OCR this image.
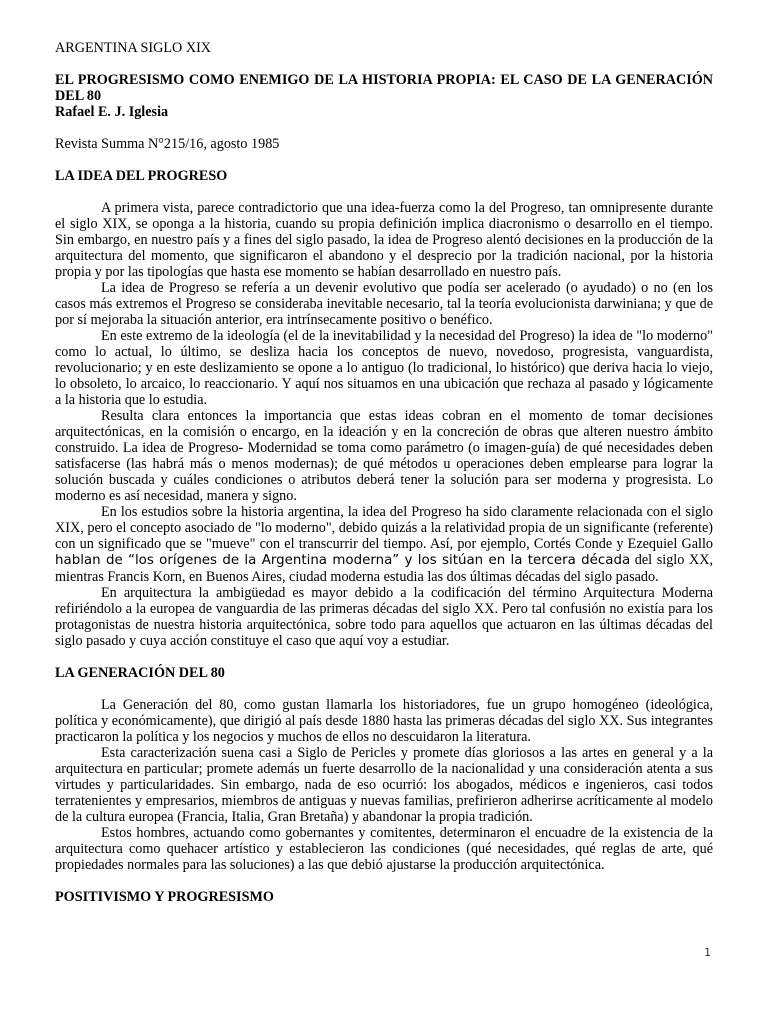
ARGENTINA SIGLO XIX
EL PROGRESISMO COMO ENEMIGO DE LA HISTORIA PROPIA: EL CASO DE LA GENERACIÓN DEL 80
Rafael E. J. Iglesia
Revista Summa N°215/16, agosto 1985
LA IDEA DEL PROGRESO

A primera vista, parece contradictorio que una idea-fuerza como la del Progreso, tan omnipresente durante el siglo XIX, se oponga a la historia, cuando su propia definición implica diacronismo o desarrollo en el tiempo. Sin embargo, en nuestro país y a fines del siglo pasado, la idea de Progreso alentó decisiones en la producción de la arquitectura del momento, que significaron el abandono y el desprecio por la tradición nacional, por la historia propia y por las tipologías que hasta ese momento se habían desarrollado en nuestro país.

La idea de Progreso se refería a un devenir evolutivo que podía ser acelerado (o ayudado) o no (en los casos más extremos el Progreso se consideraba inevitable necesario, tal la teoría evolucionista darwiniana; y que de por sí mejoraba la situación anterior, era intrínsecamente positivo o benéfico.

En este extremo de la ideología (el de la inevitabilidad y la necesidad del Progreso) la idea de "lo moderno" como lo actual, lo último, se desliza hacia los conceptos de nuevo, novedoso, progresista, vanguardista, revolucionario; y en este deslizamiento se opone a lo antiguo (lo tradicional, lo histórico) que deriva hacia lo viejo, lo obsoleto, lo arcaico, lo reaccionario. Y aquí nos situamos en una ubicación que rechaza al pasado y lógicamente a la historia que lo estudia.

Resulta clara entonces la importancia que estas ideas cobran en el momento de tomar decisiones arquitectónicas, en la comisión o encargo, en la ideación y en la concreción de obras que alteren nuestro ámbito construido. La idea de Progreso- Modernidad se toma como parámetro (o imagen-guía) de qué necesidades deben satisfacerse (las habrá más o menos modernas); de qué métodos u operaciones deben emplearse para lograr la solución buscada y cuáles condiciones o atributos deberá tener la solución para ser moderna y progresista. Lo moderno es así necesidad, manera y signo.

En los estudios sobre la historia argentina, la idea del Progreso ha sido claramente relacionada con el siglo XIX, pero el concepto asociado de "lo moderno", debido quizás a la relatividad propia de un significante (referente) con un significado que se "mueve" con el transcurrir del tiempo. Así, por ejemplo, Cortés Conde y Ezequiel Gallo hablan de “los orígenes de la Argentina moderna” y los sitúan en la tercera década del siglo XX, mientras Francis Korn, en Buenos Aires, ciudad moderna estudia las dos últimas décadas del siglo pasado.

En arquitectura la ambigüedad es mayor debido a la codificación del término Arquitectura Moderna refiriéndolo a la europea de vanguardia de las primeras décadas del siglo XX. Pero tal confusión no existía para los protagonistas de nuestra historia arquitectónica, sobre todo para aquellos que actuaron en las últimas décadas del siglo pasado y cuya acción constituye el caso que aquí voy a estudiar.

LA GENERACIÓN DEL 80

La Generación del 80, como gustan llamarla los historiadores, fue un grupo homogéneo (ideológica, política y económicamente), que dirigió al país desde 1880 hasta las primeras décadas del siglo XX. Sus integrantes practicaron la política y los negocios y muchos de ellos no descuidaron la literatura.

Esta caracterización suena casi a Siglo de Pericles y promete días gloriosos a las artes en general y a la arquitectura en particular; promete además un fuerte desarrollo de la nacionalidad y una consideración atenta a sus virtudes y particularidades. Sin embargo, nada de eso ocurrió: los abogados, médicos e ingenieros, casi todos terratenientes y empresarios, miembros de antiguas y nuevas familias, prefirieron adherirse acríticamente al modelo de la cultura europea (Francia, Italia, Gran Bretaña) y abandonar la propia tradición.

Estos hombres, actuando como gobernantes y comitentes, determinaron el encuadre de la existencia de la arquitectura como quehacer artístico y establecieron las condiciones (qué necesidades, qué reglas de arte, qué propiedades normales para las soluciones) a las que debió ajustarse la producción arquitectónica.

POSITIVISMO Y PROGRESISMO
1
